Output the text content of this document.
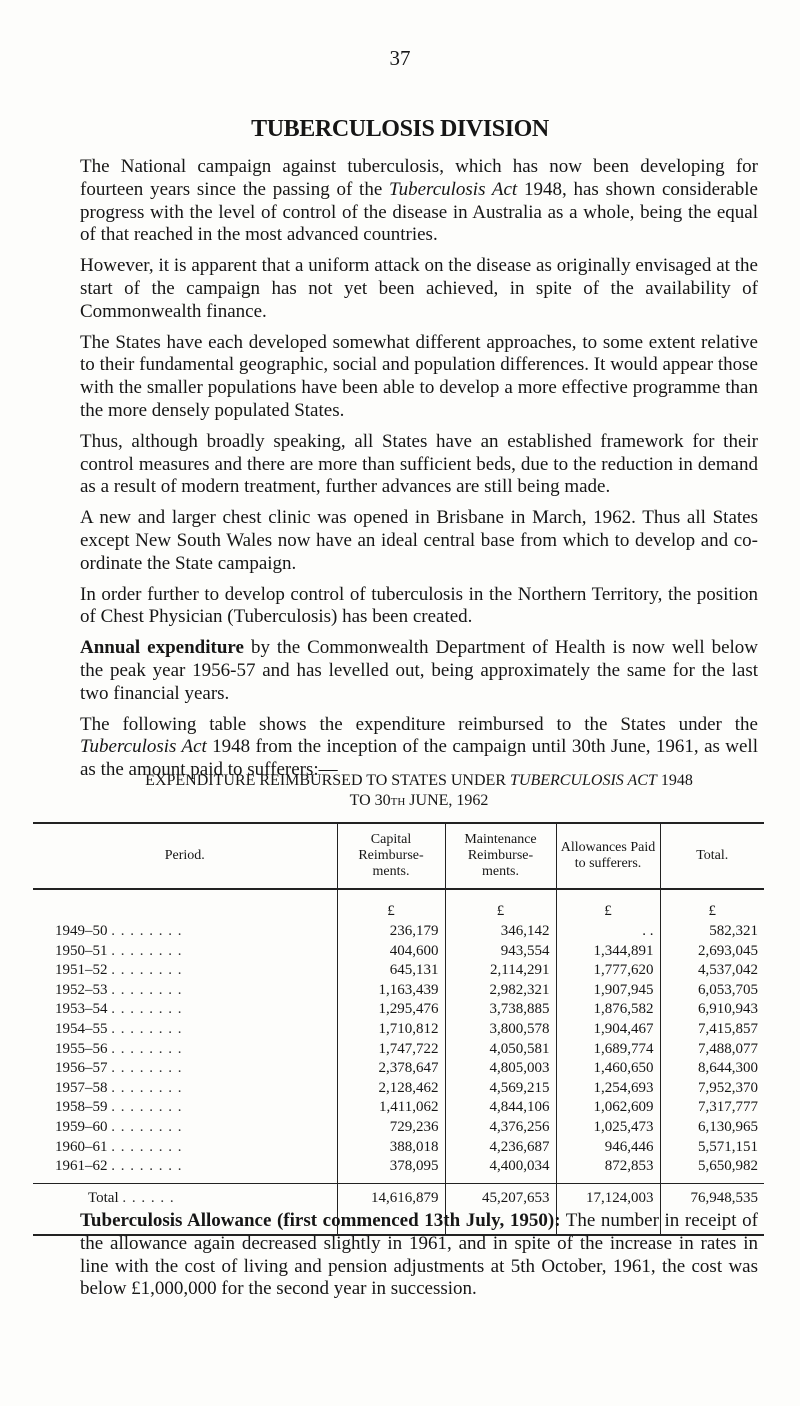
37
TUBERCULOSIS DIVISION

The National campaign against tuberculosis, which has now been developing for fourteen years since the passing of the Tuberculosis Act 1948, has shown considerable progress with the level of control of the disease in Australia as a whole, being the equal of that reached in the most advanced countries.

However, it is apparent that a uniform attack on the disease as originally envisaged at the start of the campaign has not yet been achieved, in spite of the availability of Commonwealth finance.

The States have each developed somewhat different approaches, to some extent relative to their fundamental geographic, social and population differences. It would appear those with the smaller populations have been able to develop a more effective programme than the more densely populated States.

Thus, although broadly speaking, all States have an established framework for their control measures and there are more than sufficient beds, due to the reduction in demand as a result of modern treatment, further advances are still being made.

A new and larger chest clinic was opened in Brisbane in March, 1962. Thus all States except New South Wales now have an ideal central base from which to develop and co-ordinate the State campaign.

In order further to develop control of tuberculosis in the Northern Territory, the position of Chest Physician (Tuberculosis) has been created.

Annual expenditure by the Commonwealth Department of Health is now well below the peak year 1956-57 and has levelled out, being approximately the same for the last two financial years.

The following table shows the expenditure reimbursed to the States under the Tuberculosis Act 1948 from the inception of the campaign until 30th June, 1961, as well as the amount paid to sufferers:—

EXPENDITURE REIMBURSED TO STATES UNDER TUBERCULOSIS ACT 1948
TO 30th JUNE, 1962
Period.	Capital Reimburse- ments.	Maintenance Reimburse- ments.	Allowances Paid to sufferers.	Total.
	£	£	£	£
1949–50 . . . . . . . .	236,179	346,142	. .	582,321
1950–51 . . . . . . . .	404,600	943,554	1,344,891	2,693,045
1951–52 . . . . . . . .	645,131	2,114,291	1,777,620	4,537,042
1952–53 . . . . . . . .	1,163,439	2,982,321	1,907,945	6,053,705
1953–54 . . . . . . . .	1,295,476	3,738,885	1,876,582	6,910,943
1954–55 . . . . . . . .	1,710,812	3,800,578	1,904,467	7,415,857
1955–56 . . . . . . . .	1,747,722	4,050,581	1,689,774	7,488,077
1956–57 . . . . . . . .	2,378,647	4,805,003	1,460,650	8,644,300
1957–58 . . . . . . . .	2,128,462	4,569,215	1,254,693	7,952,370
1958–59 . . . . . . . .	1,411,062	4,844,106	1,062,609	7,317,777
1959–60 . . . . . . . .	729,236	4,376,256	1,025,473	6,130,965
1960–61 . . . . . . . .	388,018	4,236,687	946,446	5,571,151
1961–62 . . . . . . . .	378,095	4,400,034	872,853	5,650,982
Total . . . . . .	14,616,879	45,207,653	17,124,003	76,948,535
Tuberculosis Allowance (first commenced 13th July, 1950): The number in receipt of the allowance again decreased slightly in 1961, and in spite of the increase in rates in line with the cost of living and pension adjustments at 5th October, 1961, the cost was below £1,000,000 for the second year in succession.
